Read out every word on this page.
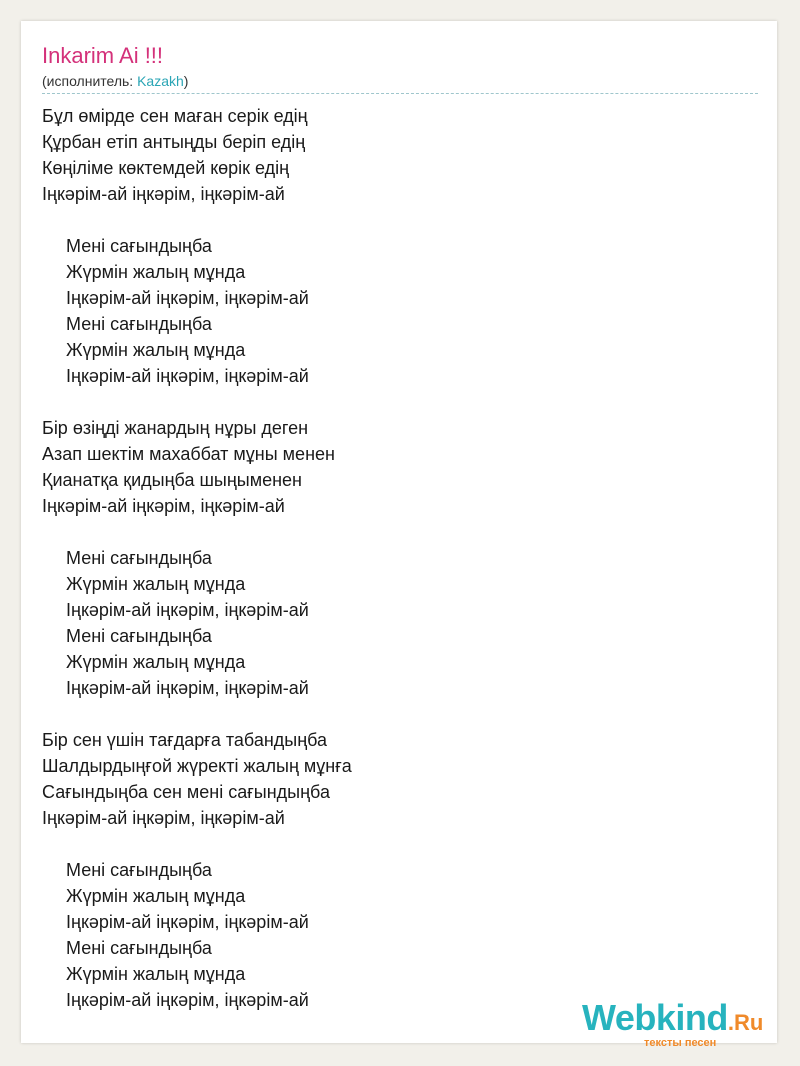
Inkarim Ai !!!
(исполнитель: Kazakh)
Бұл өмірде сен маған серік едің
Құрбан етіп антыңды беріп едің
Көңіліме көктемдей көрік едің
Іңкәрім-ай іңкәрім, іңкәрім-ай
Мені сағындыңба
Жүрмін жалың мұнда
Іңкәрім-ай іңкәрім, іңкәрім-ай
Мені сағындыңба
Жүрмін жалың мұнда
Іңкәрім-ай іңкәрім, іңкәрім-ай
Бір өзіңді жанардың нұры деген
Азап шектім махаббат мұны менен
Қианатқа қидыңба шыңыменен
Іңкәрім-ай іңкәрім, іңкәрім-ай
Мені сағындыңба
Жүрмін жалың мұнда
Іңкәрім-ай іңкәрім, іңкәрім-ай
Мені сағындыңба
Жүрмін жалың мұнда
Іңкәрім-ай іңкәрім, іңкәрім-ай
Бір сен үшін тағдарға табандыңба
Шалдырдыңғой жүректі жалың мұнға
Сағындыңба сен мені сағындыңба
Іңкәрім-ай іңкәрім, іңкәрім-ай
Мені сағындыңба
Жүрмін жалың мұнда
Іңкәрім-ай іңкәрім, іңкәрім-ай
Мені сағындыңба
Жүрмін жалың мұнда
Іңкәрім-ай іңкәрім, іңкәрім-ай	Webkind.Ru
тексты песен
